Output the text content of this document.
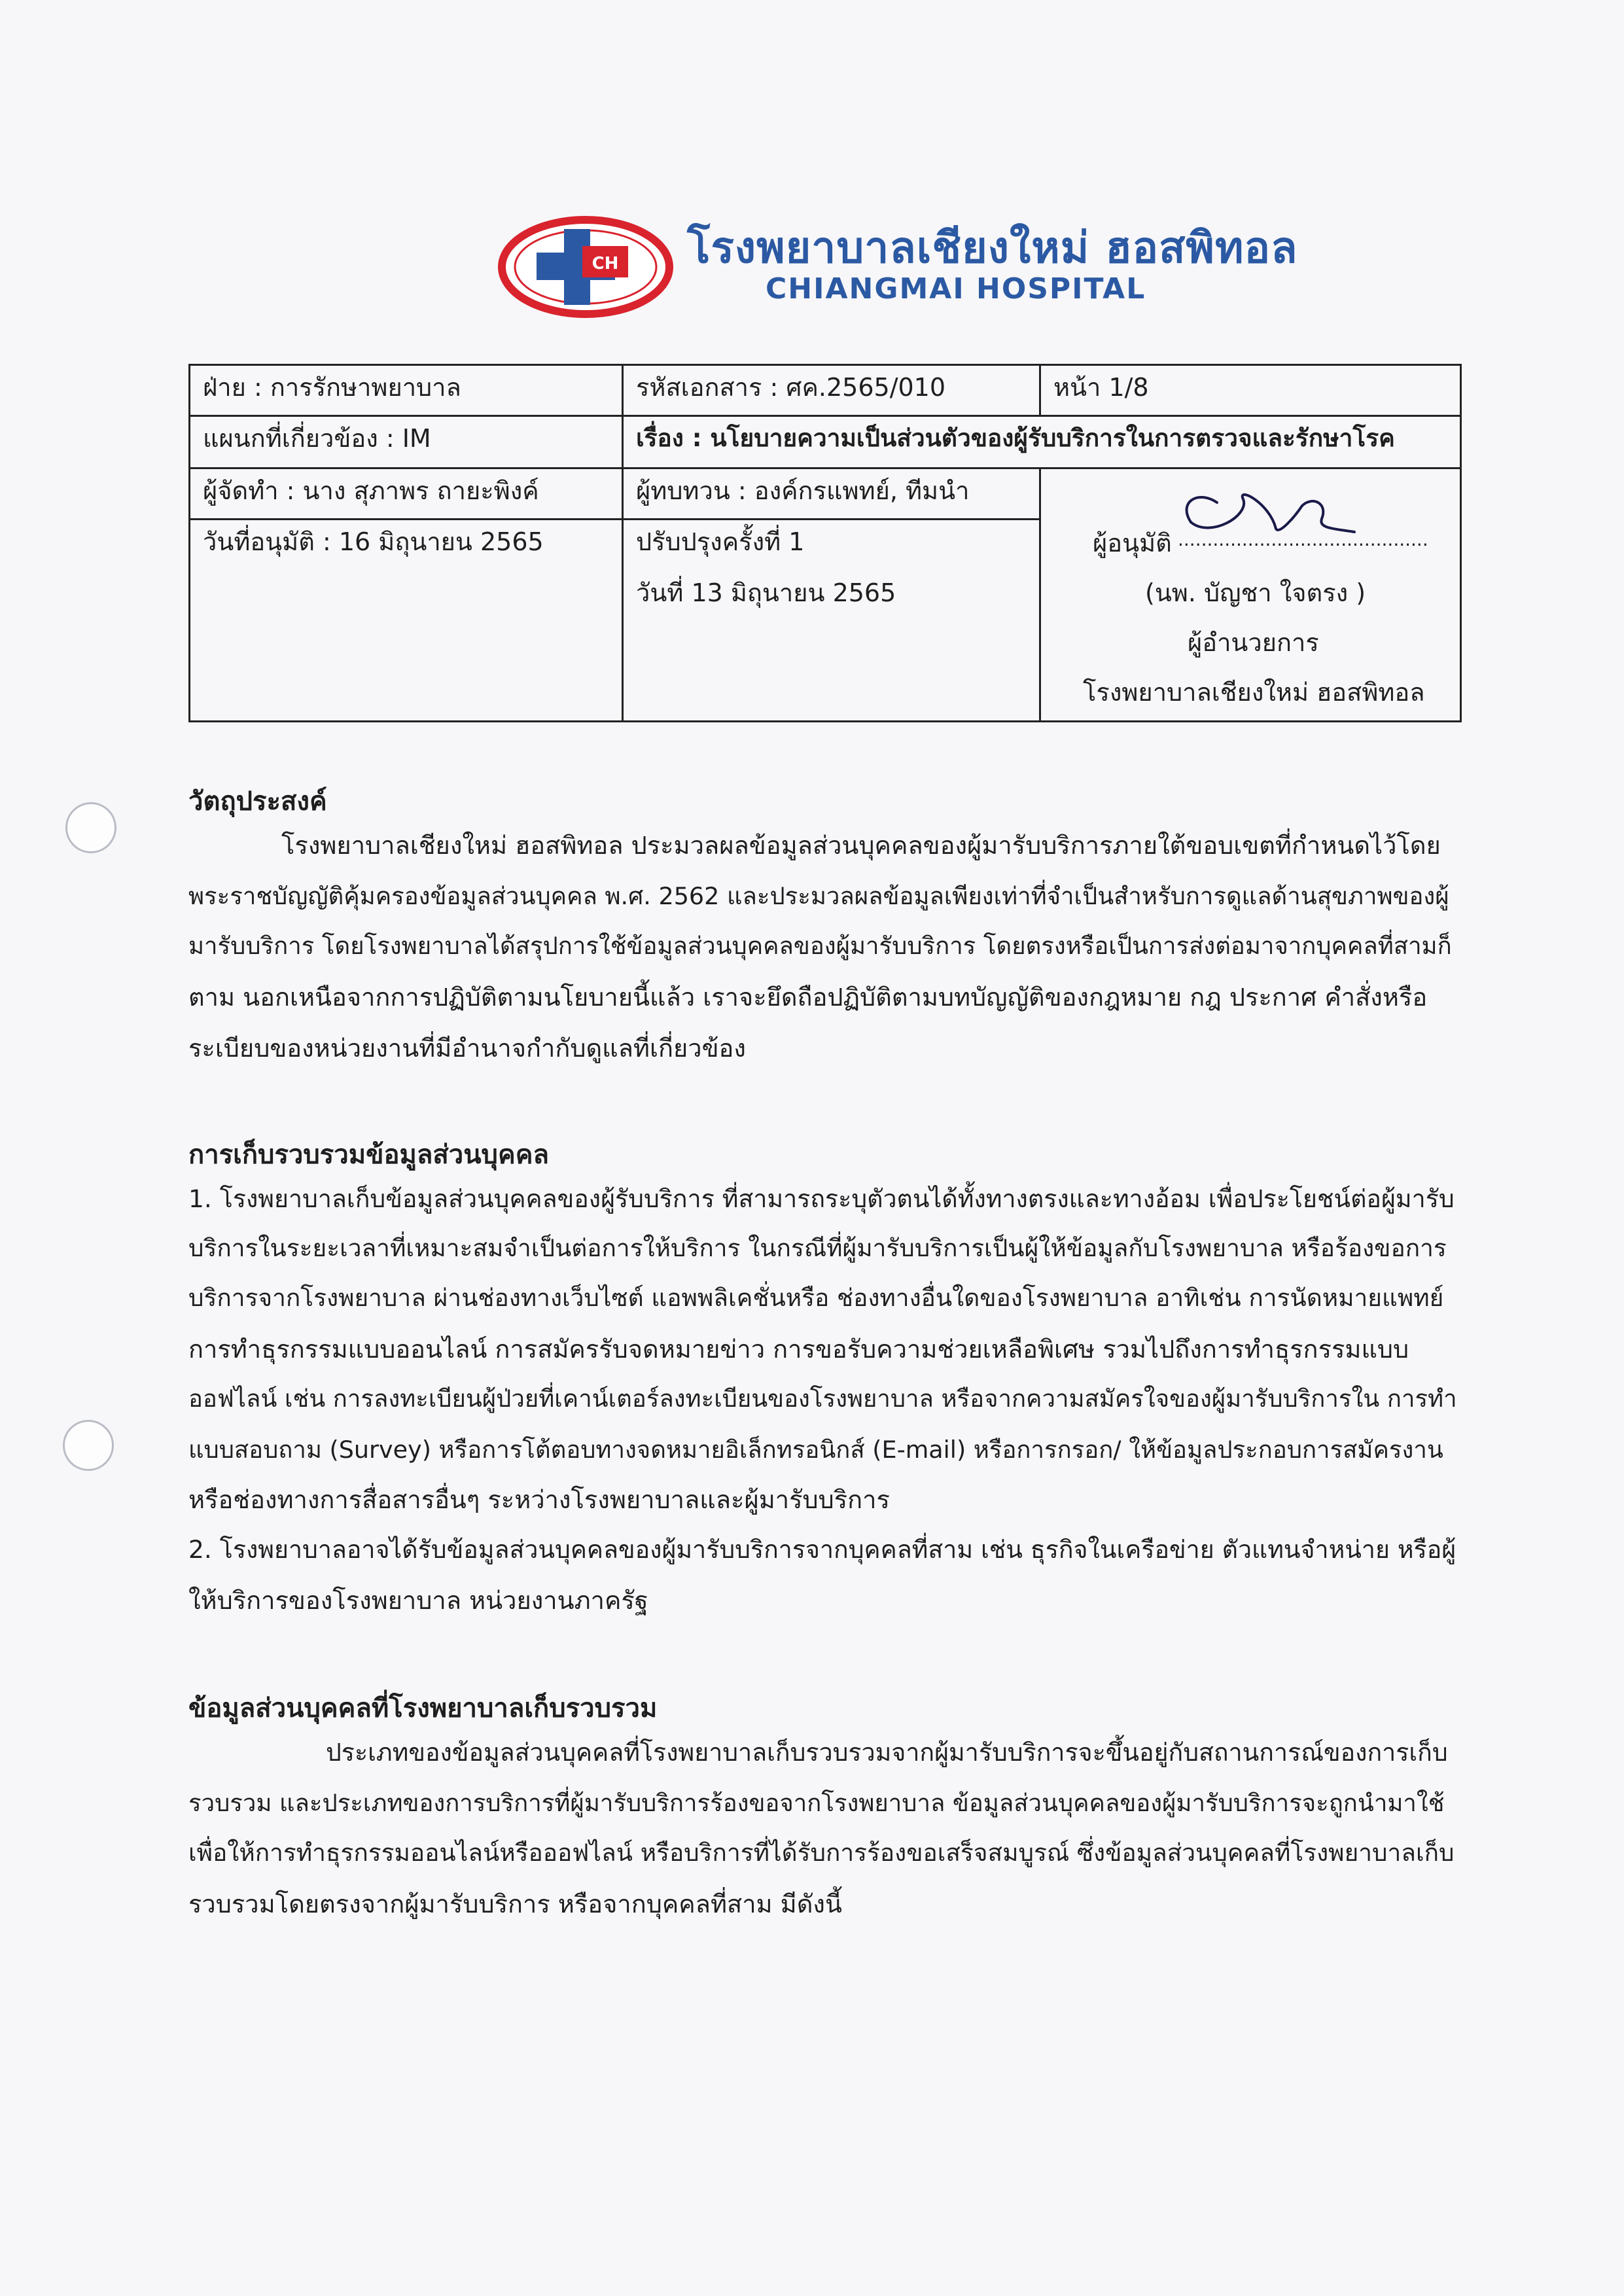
CH โรงพยาบาลเชียงใหม่ ฮอสพิทอล
CHIANGMAI HOSPITAL
ฝ่าย : การรักษาพยาบาล	รหัสเอกสาร : ศค.2565/010	หน้า 1/8
แผนกที่เกี่ยวข้อง : IM	เรื่อง : นโยบายความเป็นส่วนตัวของผู้รับบริการในการตรวจและรักษาโรค
ผู้จัดทำ : นาง สุภาพร ถายะพิงค์	ผู้ทบทวน : องค์กรแพทย์, ทีมนำ
วันที่อนุมัติ : 16 มิถุนายน 2565	ปรับปรุงครั้งที่ 1
วันที่ 13 มิถุนายน 2565
ผู้อนุมัติ ...........................................
(นพ. บัญชา ใจตรง )
ผู้อำนวยการ
โรงพยาบาลเชียงใหม่ ฮอสพิทอล
วัตถุประสงค์
โรงพยาบาลเชียงใหม่ ฮอสพิทอล ประมวลผลข้อมูลส่วนบุคคลของผู้มารับบริการภายใต้ขอบเขตที่กำหนดไว้โดย
พระราชบัญญัติคุ้มครองข้อมูลส่วนบุคคล พ.ศ. 2562 และประมวลผลข้อมูลเพียงเท่าที่จำเป็นสำหรับการดูแลด้านสุขภาพของผู้
มารับบริการ โดยโรงพยาบาลได้สรุปการใช้ข้อมูลส่วนบุคคลของผู้มารับบริการ โดยตรงหรือเป็นการส่งต่อมาจากบุคคลที่สามก็
ตาม นอกเหนือจากการปฏิบัติตามนโยบายนี้แล้ว เราจะยึดถือปฏิบัติตามบทบัญญัติของกฎหมาย กฎ ประกาศ คำสั่งหรือ
ระเบียบของหน่วยงานที่มีอำนาจกำกับดูแลที่เกี่ยวข้อง
การเก็บรวบรวมข้อมูลส่วนบุคคล
1. โรงพยาบาลเก็บข้อมูลส่วนบุคคลของผู้รับบริการ ที่สามารถระบุตัวตนได้ทั้งทางตรงและทางอ้อม เพื่อประโยชน์ต่อผู้มารับ
บริการในระยะเวลาที่เหมาะสมจำเป็นต่อการให้บริการ ในกรณีที่ผู้มารับบริการเป็นผู้ให้ข้อมูลกับโรงพยาบาล หรือร้องขอการ
บริการจากโรงพยาบาล ผ่านช่องทางเว็บไซต์ แอพพลิเคชั่นหรือ ช่องทางอื่นใดของโรงพยาบาล อาทิเช่น การนัดหมายแพทย์
การทำธุรกรรมแบบออนไลน์ การสมัครรับจดหมายข่าว การขอรับความช่วยเหลือพิเศษ รวมไปถึงการทำธุรกรรมแบบ
ออฟไลน์ เช่น การลงทะเบียนผู้ป่วยที่เคาน์เตอร์ลงทะเบียนของโรงพยาบาล หรือจากความสมัครใจของผู้มารับบริการใน การทำ
แบบสอบถาม (Survey) หรือการโต้ตอบทางจดหมายอิเล็กทรอนิกส์ (E-mail) หรือการกรอก/ ให้ข้อมูลประกอบการสมัครงาน
หรือช่องทางการสื่อสารอื่นๆ ระหว่างโรงพยาบาลและผู้มารับบริการ
2. โรงพยาบาลอาจได้รับข้อมูลส่วนบุคคลของผู้มารับบริการจากบุคคลที่สาม เช่น ธุรกิจในเครือข่าย ตัวแทนจำหน่าย หรือผู้
ให้บริการของโรงพยาบาล หน่วยงานภาครัฐ
ข้อมูลส่วนบุคคลที่โรงพยาบาลเก็บรวบรวม
ประเภทของข้อมูลส่วนบุคคลที่โรงพยาบาลเก็บรวบรวมจากผู้มารับบริการจะขึ้นอยู่กับสถานการณ์ของการเก็บ
รวบรวม และประเภทของการบริการที่ผู้มารับบริการร้องขอจากโรงพยาบาล ข้อมูลส่วนบุคคลของผู้มารับบริการจะถูกนำมาใช้
เพื่อให้การทำธุรกรรมออนไลน์หรือออฟไลน์ หรือบริการที่ได้รับการร้องขอเสร็จสมบูรณ์ ซึ่งข้อมูลส่วนบุคคลที่โรงพยาบาลเก็บ
รวบรวมโดยตรงจากผู้มารับบริการ หรือจากบุคคลที่สาม มีดังนี้
